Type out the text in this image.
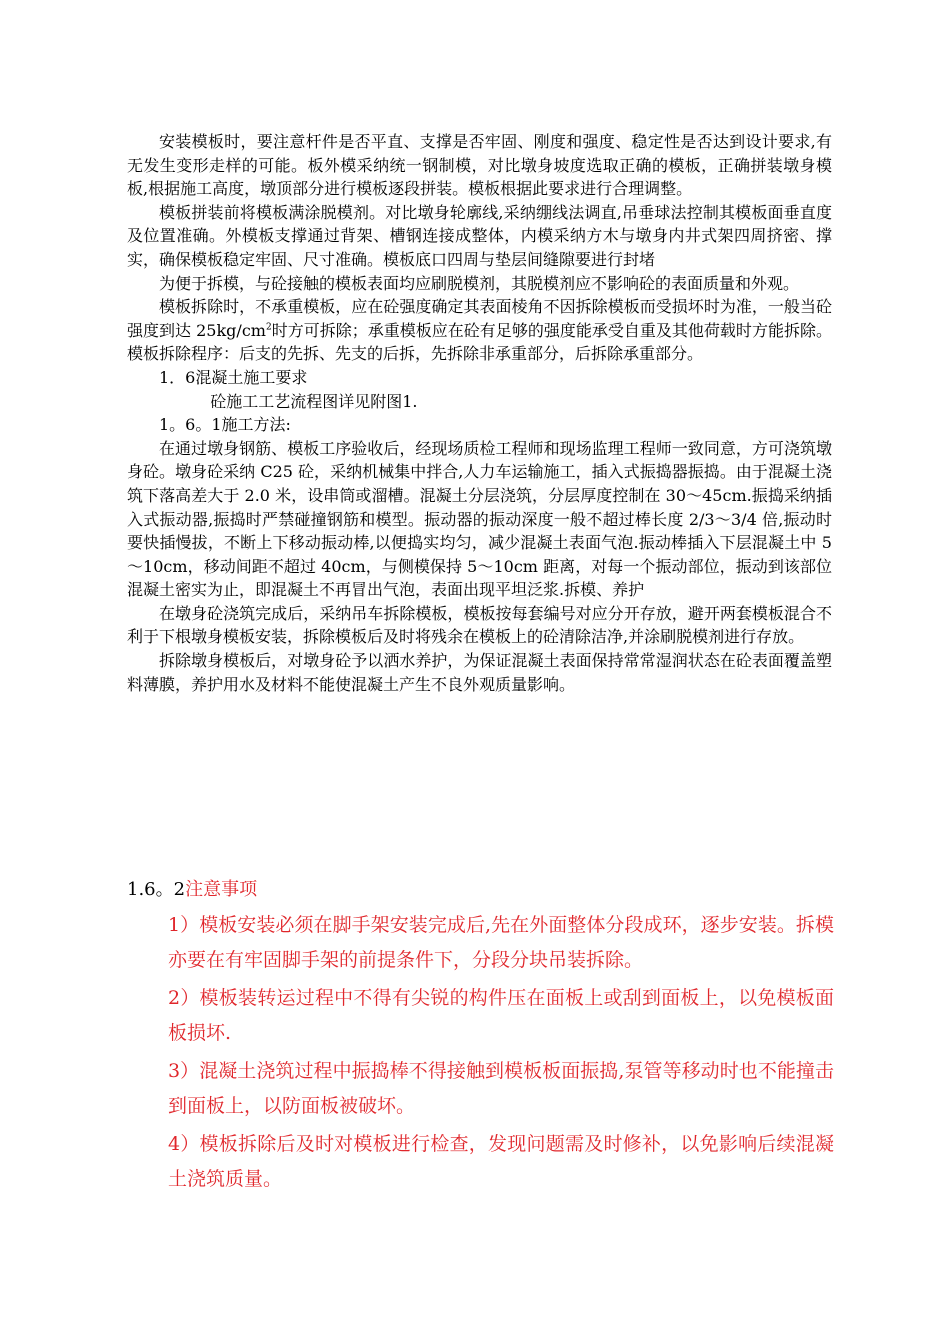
安装模板时，要注意杆件是否平直、支撑是否牢固、刚度和强度、稳定性是否达到设计要求,有无发生变形走样的可能。板外模采纳统一钢制模，对比墩身坡度选取正确的模板，正确拼装墩身模板,根据施工高度，墩顶部分进行模板逐段拼装。模板根据此要求进行合理调整。

模板拼装前将模板满涂脱模剂。对比墩身轮廓线,采纳绷线法调直,吊垂球法控制其模板面垂直度及位置准确。外模板支撑通过背架、槽钢连接成整体，内模采纳方木与墩身内井式架四周挤密、撑实，确保模板稳定牢固、尺寸准确。模板底口四周与垫层间缝隙要进行封堵

为便于拆模，与砼接触的模板表面均应刷脱模剂，其脱模剂应不影响砼的表面质量和外观。

模板拆除时，不承重模板，应在砼强度确定其表面棱角不因拆除模板而受损坏时为准，一般当砼强度到达 $25kg/cm^2$时方可拆除；承重模板应在砼有足够的强度能承受自重及其他荷载时方能拆除。模板拆除程序：后支的先拆、先支的后拆，先拆除非承重部分，后拆除承重部分。

1．6混凝土施工要求

砼施工工艺流程图详见附图1.

1。6。1施工方法:

在通过墩身钢筋、模板工序验收后，经现场质检工程师和现场监理工程师一致同意，方可浇筑墩身砼。墩身砼采纳 C25 砼，采纳机械集中拌合,人力车运输施工，插入式振捣器振捣。由于混凝土浇筑下落高差大于 2.0 米，设串筒或溜槽。混凝土分层浇筑，分层厚度控制在 30～45cm.振捣采纳插入式振动器,振捣时严禁碰撞钢筋和模型。振动器的振动深度一般不超过棒长度 2/3～3/4 倍,振动时要快插慢拔，不断上下移动振动棒,以便捣实均匀，减少混凝土表面气泡.振动棒插入下层混凝土中 5～10cm，移动间距不超过 40cm，与侧模保持 5～10cm 距离，对每一个振动部位，振动到该部位混凝土密实为止，即混凝土不再冒出气泡，表面出现平坦泛浆.拆模、养护

在墩身砼浇筑完成后，采纳吊车拆除模板，模板按每套编号对应分开存放，避开两套模板混合不利于下根墩身模板安装，拆除模板后及时将残余在模板上的砼清除洁净,并涂刷脱模剂进行存放。

拆除墩身模板后，对墩身砼予以洒水养护，为保证混凝土表面保持常常湿润状态在砼表面覆盖塑料薄膜，养护用水及材料不能使混凝土产生不良外观质量影响。

1.6。2注意事项

1）模板安装必须在脚手架安装完成后,先在外面整体分段成环，逐步安装。拆模亦要在有牢固脚手架的前提条件下，分段分块吊装拆除。

2）模板装转运过程中不得有尖锐的构件压在面板上或刮到面板上，以免模板面板损坏.

3）混凝土浇筑过程中振捣棒不得接触到模板板面振捣,泵管等移动时也不能撞击到面板上，以防面板被破坏。

4）模板拆除后及时对模板进行检查，发现问题需及时修补，以免影响后续混凝土浇筑质量。
